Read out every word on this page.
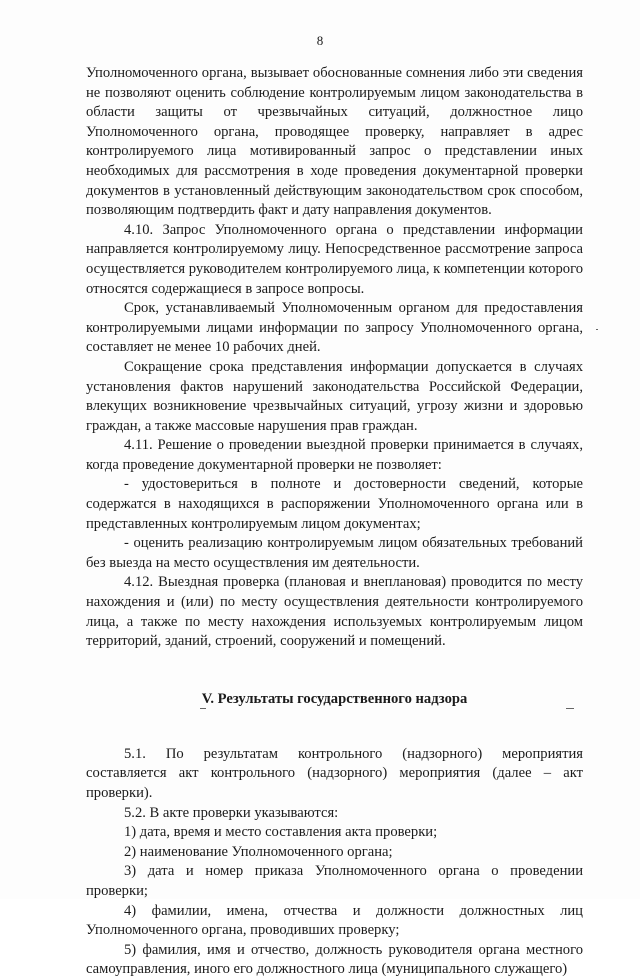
8

Уполномоченного органа, вызывает обоснованные сомнения либо эти сведения не позволяют оценить соблюдение контролируемым лицом законодательства в области защиты от чрезвычайных ситуаций, должностное лицо Уполномоченного органа, проводящее проверку, направляет в адрес контролируемого лица мотивированный запрос о представлении иных необходимых для рассмотрения в ходе проведения документарной проверки документов в установленный действующим законодательством срок способом, позволяющим подтвердить факт и дату направления документов.

4.10. Запрос Уполномоченного органа о представлении информации направляется контролируемому лицу. Непосредственное рассмотрение запроса осуществляется руководителем контролируемого лица, к компетенции которого относятся содержащиеся в запросе вопросы.

Срок, устанавливаемый Уполномоченным органом для предоставления контролируемыми лицами информации по запросу Уполномоченного органа, составляет не менее 10 рабочих дней.

Сокращение срока представления информации допускается в случаях установления фактов нарушений законодательства Российской Федерации, влекущих возникновение чрезвычайных ситуаций, угрозу жизни и здоровью граждан, а также массовые нарушения прав граждан.

4.11. Решение о проведении выездной проверки принимается в случаях, когда проведение документарной проверки не позволяет:

- удостовериться в полноте и достоверности сведений, которые содержатся в находящихся в распоряжении Уполномоченного органа или в представленных контролируемым лицом документах;

- оценить реализацию контролируемым лицом обязательных требований без выезда на место осуществления им деятельности.

4.12. Выездная проверка (плановая и внеплановая) проводится по месту нахождения и (или) по месту осуществления деятельности контролируемого лица, а также по месту нахождения используемых контролируемым лицом территорий, зданий, строений, сооружений и помещений.

V. Результаты государственного надзора

5.1. По результатам контрольного (надзорного) мероприятия составляется акт контрольного (надзорного) мероприятия (далее – акт проверки).

5.2. В акте проверки указываются:

1) дата, время и место составления акта проверки;

2) наименование Уполномоченного органа;

3) дата и номер приказа Уполномоченного органа о проведении проверки;

4) фамилии, имена, отчества и должности должностных лиц Уполномоченного органа, проводивших проверку;

5) фамилия, имя и отчество, должность руководителя органа местного самоуправления, иного его должностного лица (муниципального служащего)
